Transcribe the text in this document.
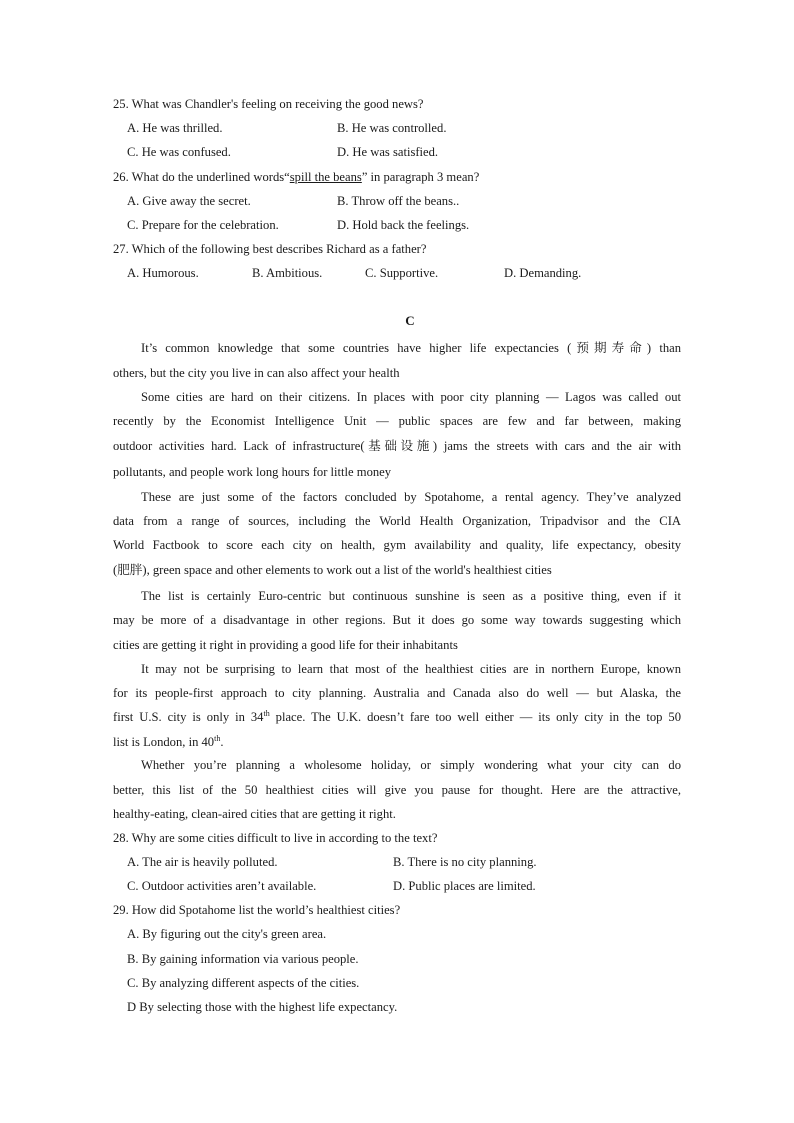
25. What was Chandler's feeling on receiving the good news?
A. He was thrilled.	B. He was controlled.
C. He was confused.	D. He was satisfied.
26. What do the underlined words“spill the beans” in paragraph 3 mean?
A. Give away the secret.	B. Throw off the beans..
C. Prepare for the celebration.	D. Hold back the feelings.
27. Which of the following best describes Richard as a father?
A. Humorous.	B. Ambitious.	C. Supportive.	D. Demanding.
C
It’s common knowledge that some countries have higher life expectancies (预期寿命) than
others, but the city you live in can also affect your health
Some cities are hard on their citizens. In places with poor city planning — Lagos was called out
recently by the Economist Intelligence Unit — public spaces are few and far between, making
outdoor activities hard. Lack of infrastructure(基础设施) jams the streets with cars and the air with
pollutants, and people work long hours for little money
These are just some of the factors concluded by Spotahome, a rental agency. They’ve analyzed
data from a range of sources, including the World Health Organization, Tripadvisor and the CIA
World Factbook to score each city on health, gym availability and quality, life expectancy, obesity
(肥胖), green space and other elements to work out a list of the world's healthiest cities
The list is certainly Euro-centric but continuous sunshine is seen as a positive thing, even if it
may be more of a disadvantage in other regions. But it does go some way towards suggesting which
cities are getting it right in providing a good life for their inhabitants
It may not be surprising to learn that most of the healthiest cities are in northern Europe, known
for its people-first approach to city planning. Australia and Canada also do well — but Alaska, the
first U.S. city is only in 34th place. The U.K. doesn’t fare too well either — its only city in the top 50
list is London, in 40th.
Whether you’re planning a wholesome holiday, or simply wondering what your city can do
better, this list of the 50 healthiest cities will give you pause for thought. Here are the attractive,
healthy-eating, clean-aired cities that are getting it right.
28. Why are some cities difficult to live in according to the text?
A. The air is heavily polluted.	B. There is no city planning.
C. Outdoor activities aren’t available.	D. Public places are limited.
29. How did Spotahome list the world’s healthiest cities?
A. By figuring out the city's green area.
B. By gaining information via various people.
C. By analyzing different aspects of the cities.
D By selecting those with the highest life expectancy.
